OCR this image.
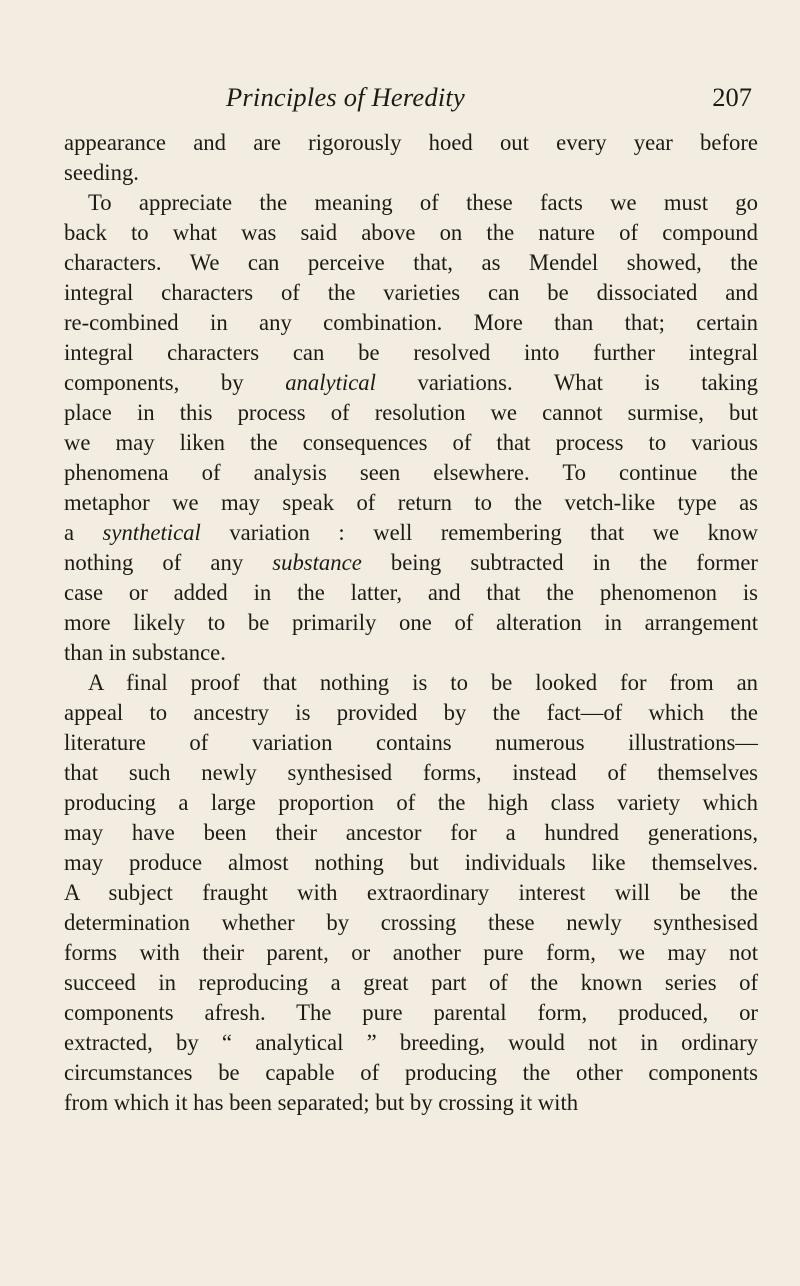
Principles of Heredity	207
appearance and are rigorously hoed out every year before
seeding.
To appreciate the meaning of these facts we must go
back to what was said above on the nature of compound
characters. We can perceive that, as Mendel showed, the
integral characters of the varieties can be dissociated and
re-combined in any combination. More than that; certain
integral characters can be resolved into further integral
components, by analytical variations. What is taking
place in this process of resolution we cannot surmise, but
we may liken the consequences of that process to various
phenomena of analysis seen elsewhere. To continue the
metaphor we may speak of return to the vetch-like type as
a synthetical variation : well remembering that we know
nothing of any substance being subtracted in the former
case or added in the latter, and that the phenomenon is
more likely to be primarily one of alteration in arrangement
than in substance.
A final proof that nothing is to be looked for from an
appeal to ancestry is provided by the fact—of which the
literature of variation contains numerous illustrations—
that such newly synthesised forms, instead of themselves
producing a large proportion of the high class variety which
may have been their ancestor for a hundred generations,
may produce almost nothing but individuals like themselves.
A subject fraught with extraordinary interest will be the
determination whether by crossing these newly synthesised
forms with their parent, or another pure form, we may not
succeed in reproducing a great part of the known series of
components afresh. The pure parental form, produced, or
extracted, by “ analytical ” breeding, would not in ordinary
circumstances be capable of producing the other components
from which it has been separated; but by crossing it with
